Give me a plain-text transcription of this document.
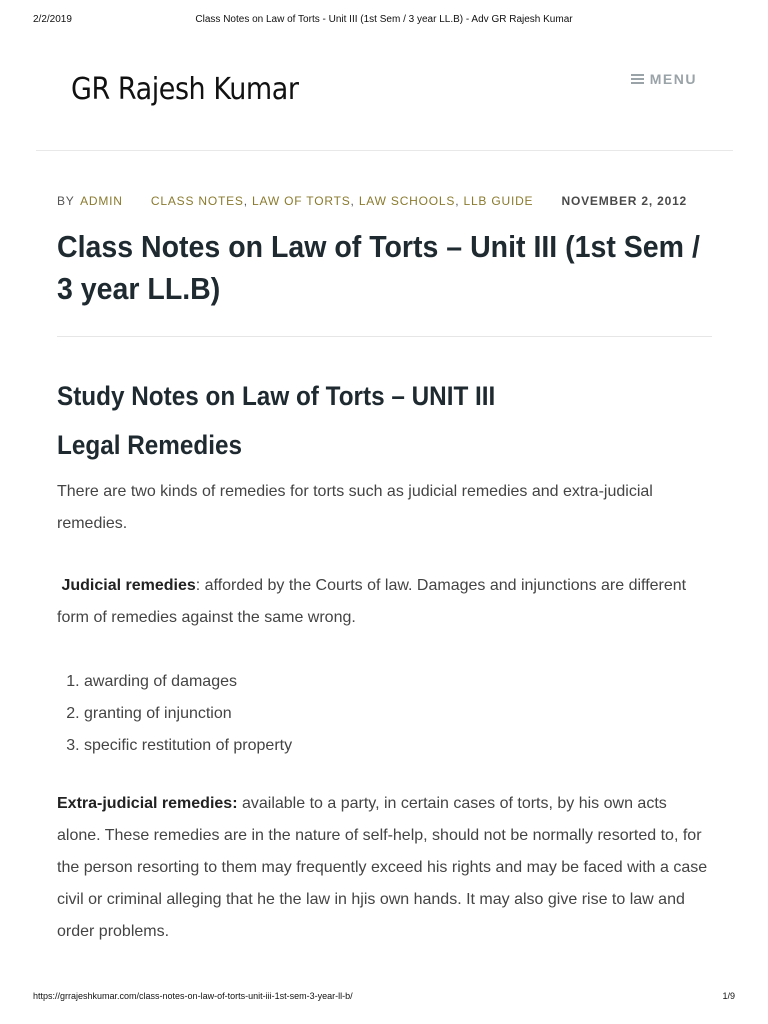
2/2/2019	Class Notes on Law of Torts - Unit III (1st Sem / 3 year LL.B) - Adv GR Rajesh Kumar
GR Rajesh Kumar	MENU
BY ADMIN CLASS NOTES, LAW OF TORTS, LAW SCHOOLS, LLB GUIDE NOVEMBER 2, 2012
Class Notes on Law of Torts – Unit III (1st Sem / 3 year LL.B)
Study Notes on Law of Torts – UNIT III
Legal Remedies

There are two kinds of remedies for torts such as judicial remedies and extra-judicial remedies.

Judicial remedies: afforded by the Courts of law. Damages and injunctions are different form of remedies against the same wrong.

1. awarding of damages
2. granting of injunction
3. specific restitution of property

Extra-judicial remedies: available to a party, in certain cases of torts, by his own acts alone. These remedies are in the nature of self-help, should not be normally resorted to, for the person resorting to them may frequently exceed his rights and may be faced with a case civil or criminal alleging that he the law in hjis own hands. It may also give rise to law and order problems.

https://grrajeshkumar.com/class-notes-on-law-of-torts-unit-iii-1st-sem-3-year-ll-b/	1/9
